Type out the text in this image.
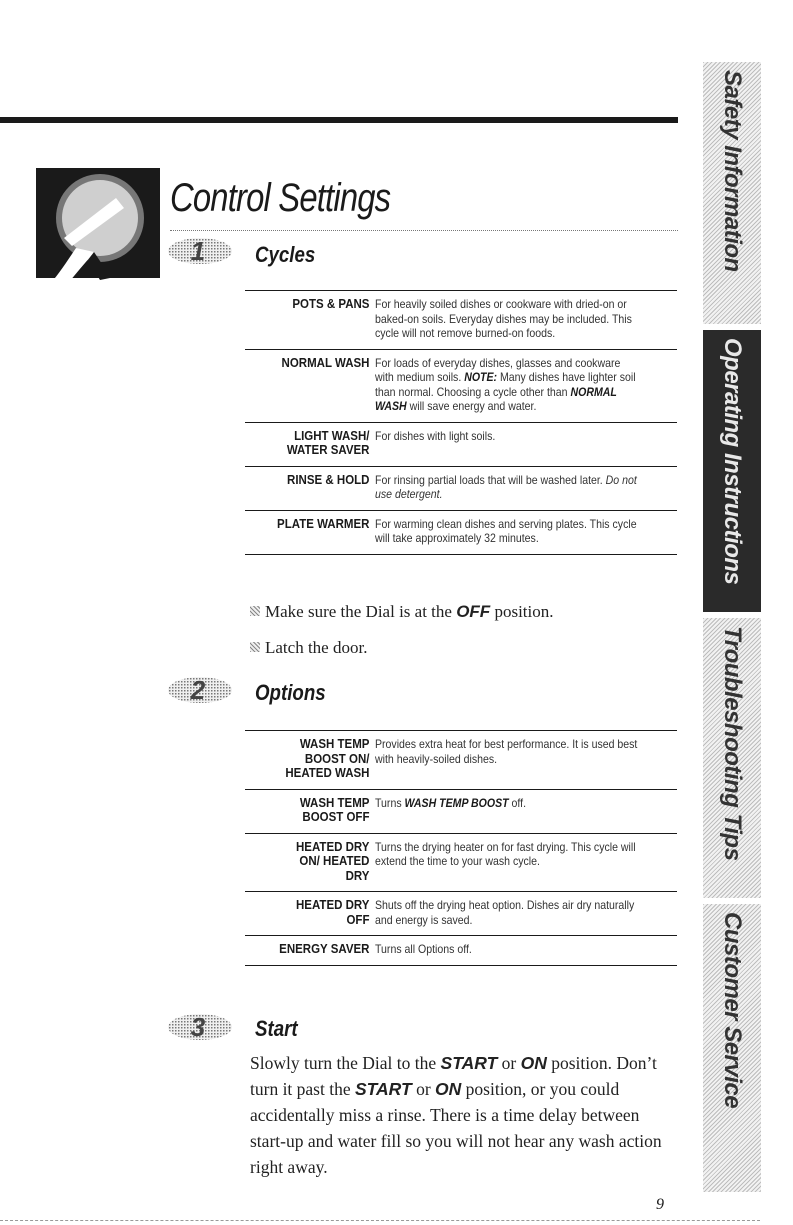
Control Settings
1 Cycles
POTS & PANS For heavily soiled dishes or cookware with dried-on or baked-on soils. Everyday dishes may be included. This cycle will not remove burned-on foods.
NORMAL WASH For loads of everyday dishes, glasses and cookware with medium soils. NOTE: Many dishes have lighter soil than normal. Choosing a cycle other than NORMAL WASH will save energy and water.
LIGHT WASH/
WATER SAVER
For dishes with light soils.
RINSE & HOLD For rinsing partial loads that will be washed later. Do not use detergent.
PLATE WARMER For warming clean dishes and serving plates. This cycle will take approximately 32 minutes.
Make sure the Dial is at the OFF position.
Latch the door.
2 Options
WASH TEMP
BOOST ON/
HEATED WASH
Provides extra heat for best performance. It is used best with heavily-soiled dishes.
WASH TEMP
BOOST OFF
Turns WASH TEMP BOOST off.
HEATED DRY
ON/ HEATED
DRY
Turns the drying heater on for fast drying. This cycle will extend the time to your wash cycle.
HEATED DRY
OFF
Shuts off the drying heat option. Dishes air dry naturally and energy is saved.
ENERGY SAVER Turns all Options off.
3 Start

Slowly turn the Dial to the START or ON position. Don’t turn it past the START or ON position, or you could accidentally miss a rinse. There is a time delay between start-up and water fill so you will not hear any wash action right away.

9
Safety Information
Operating Instructions
Troubleshooting Tips
Customer Service
